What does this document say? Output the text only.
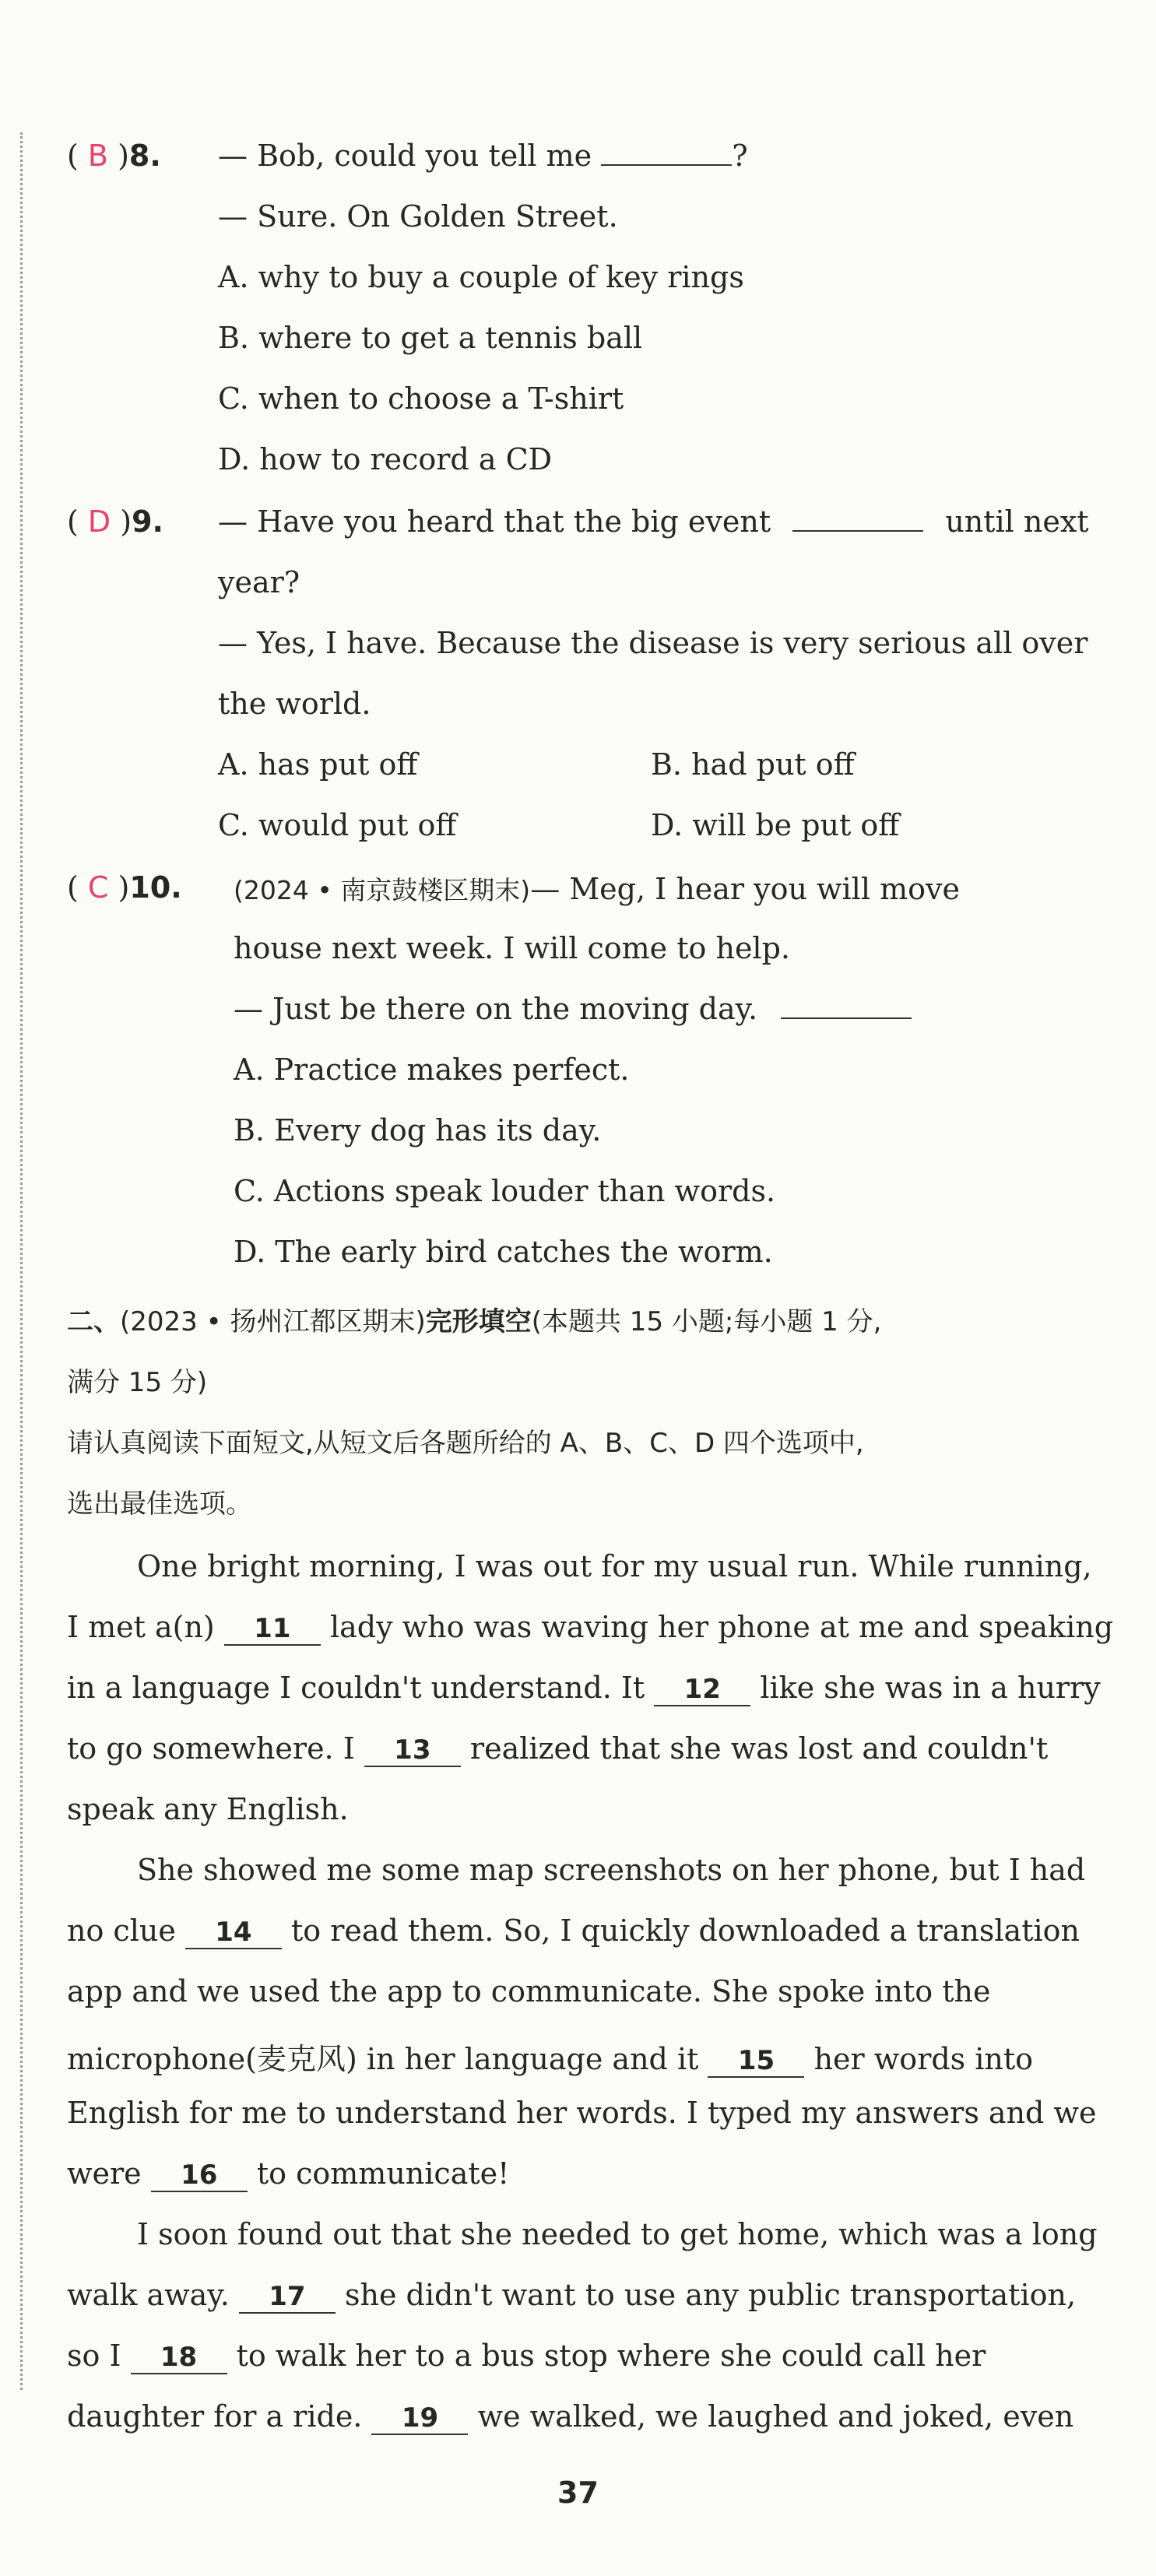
( B )8. — Bob, could you tell me	?
— Sure. On Golden Street.
A. why to buy a couple of key rings
B. where to get a tennis ball
C. when to choose a T-shirt
D. how to record a CD
( D )9. — Have you heard that the big event	until next
year?
— Yes, I have. Because the disease is very serious all over
the world.
A. has put off	B. had put off
C. would put off	D. will be put off
( C )10. (2024 • 南京鼓楼区期末)— Meg, I hear you will move
house next week. I will come to help.
— Just be there on the moving day.
A. Practice makes perfect.
B. Every dog has its day.
C. Actions speak louder than words.
D. The early bird catches the worm.
二、(2023 • 扬州江都区期末)完形填空(本题共 15 小题;每小题 1 分,
满分 15 分)
请认真阅读下面短文,从短文后各题所给的 A、B、C、D 四个选项中,
选出最佳选项。
One bright morning, I was out for my usual run. While running,
I met a(n) 11 lady who was waving her phone at me and speaking
in a language I couldn't understand. It 12 like she was in a hurry
to go somewhere. I 13 realized that she was lost and couldn't
speak any English.
She showed me some map screenshots on her phone, but I had
no clue 14 to read them. So, I quickly downloaded a translation
app and we used the app to communicate. She spoke into the
microphone(麦克风) in her language and it 15 her words into
English for me to understand her words. I typed my answers and we
were 16 to communicate!
I soon found out that she needed to get home, which was a long
walk away. 17 she didn't want to use any public transportation,
so I 18 to walk her to a bus stop where she could call her
daughter for a ride. 19 we walked, we laughed and joked, even
37
